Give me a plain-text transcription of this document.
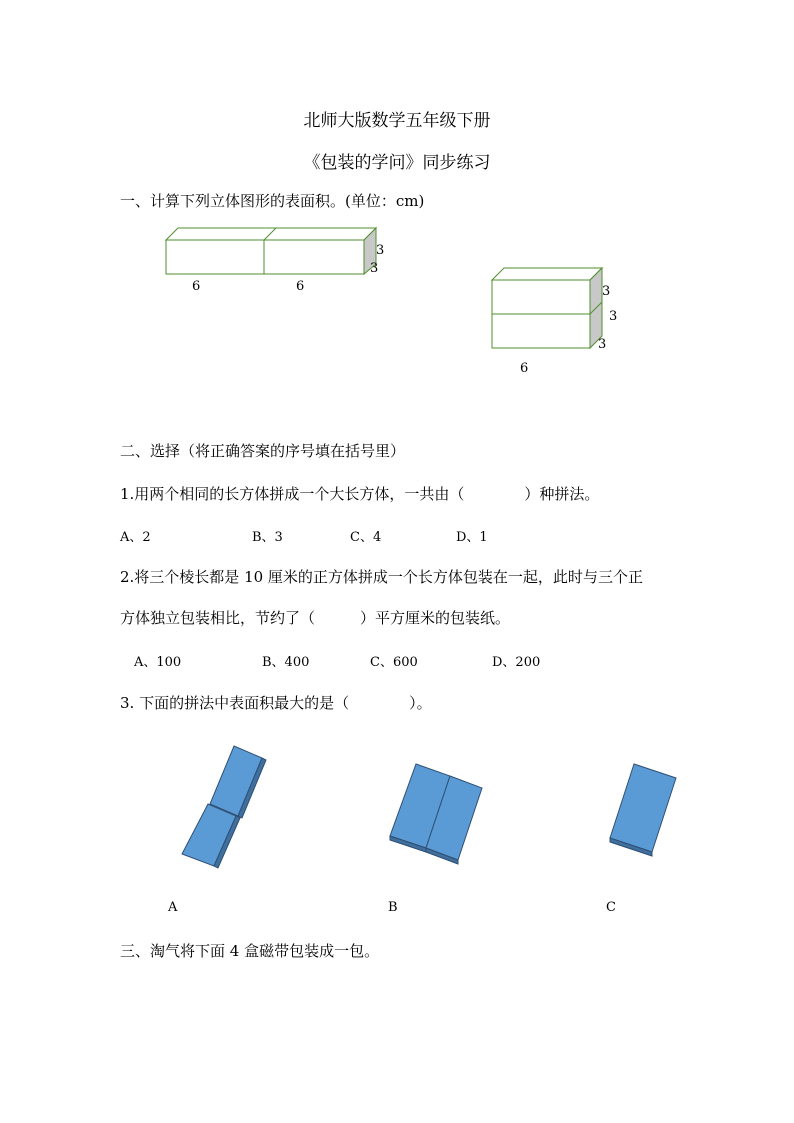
北师大版数学五年级下册
《包装的学问》同步练习
一、计算下列立体图形的表面积。(单位：cm)
6	6
3
3
3
3
3
6
二、选择（将正确答案的序号填在括号里）
1.用两个相同的长方体拼成一个大长方体，一共由（　　　　）种拼法。
A、2	B、3	C、4	D、1
2.将三个棱长都是 10 厘米的正方体拼成一个长方体包装在一起，此时与三个正
方体独立包装相比，节约了（　　　）平方厘米的包装纸。
A、100	B、400	C、600	D、200
3. 下面的拼法中表面积最大的是（　　　　）。
A	B	C
三、淘气将下面 4 盒磁带包装成一包。
